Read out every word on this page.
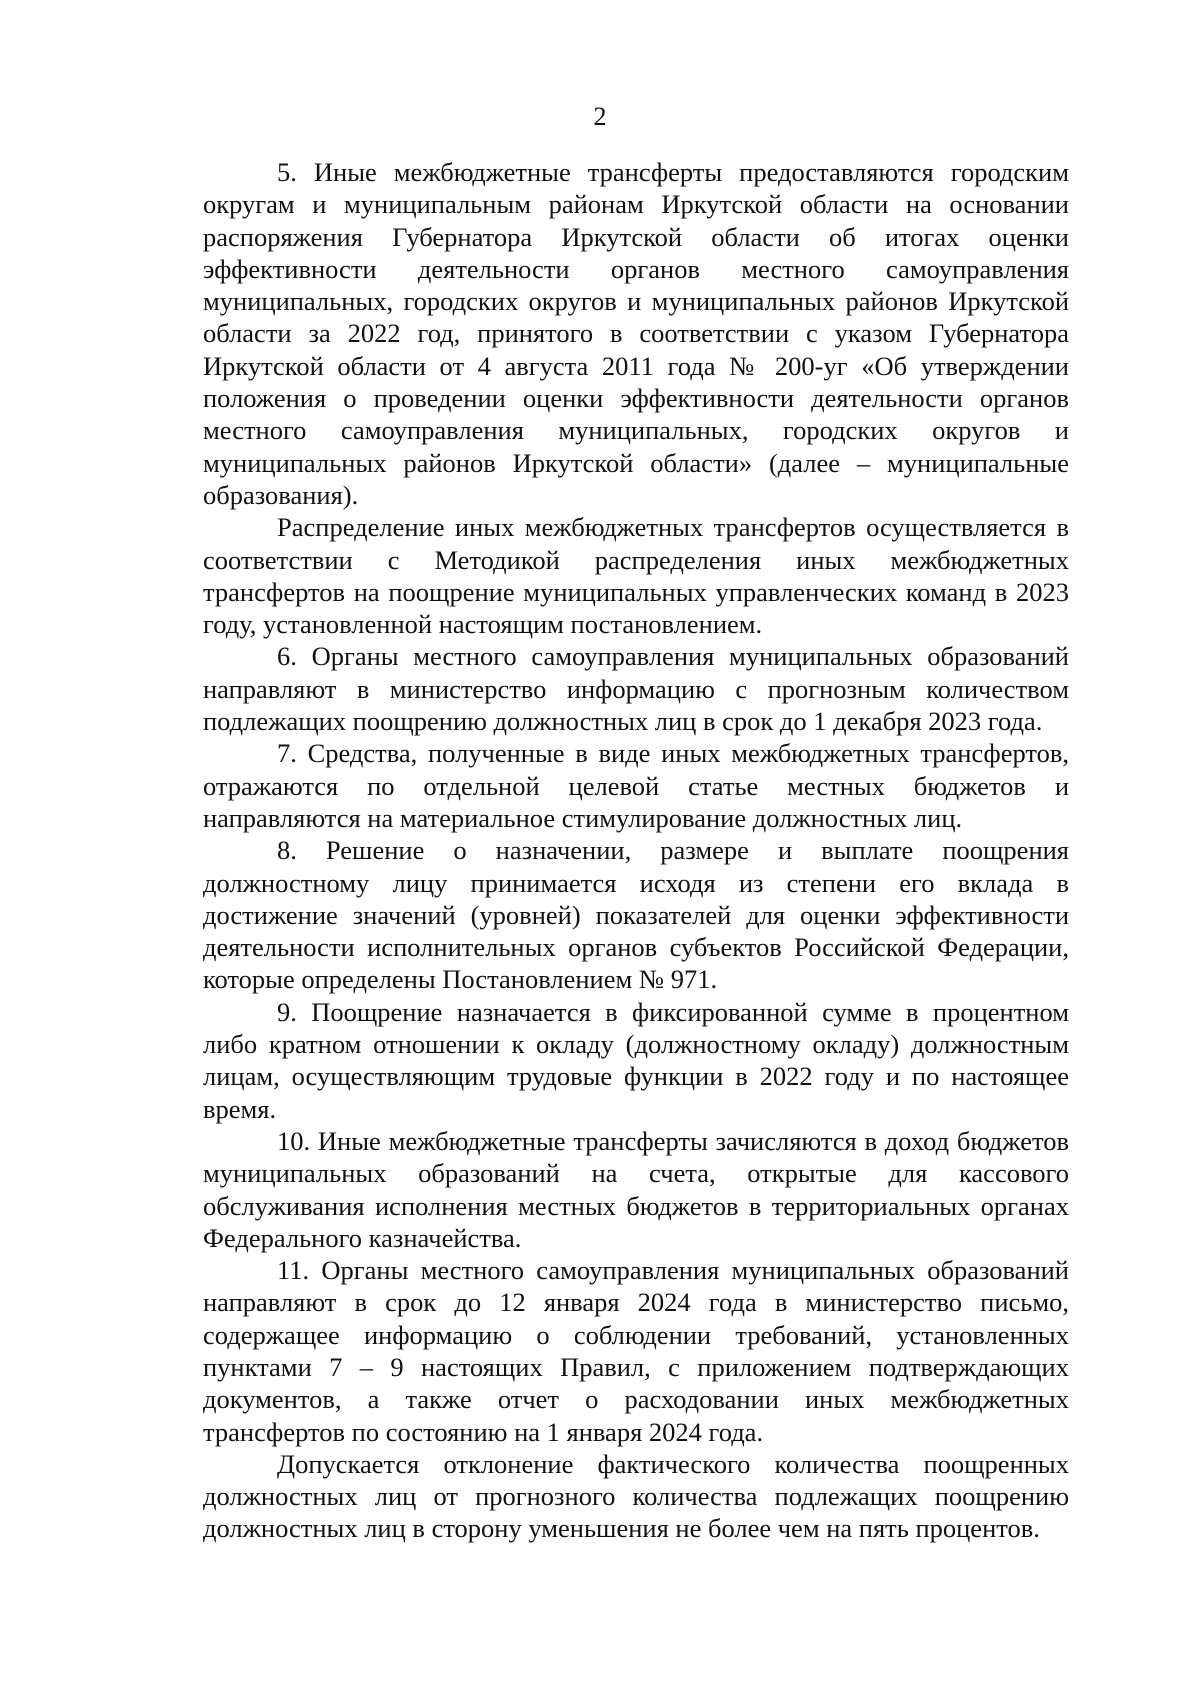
2

5. Иные межбюджетные трансферты предоставляются городским округам и муниципальным районам Иркутской области на основании распоряжения Губернатора Иркутской области об итогах оценки эффективности деятельности органов местного самоуправления муниципальных, городских округов и муниципальных районов Иркутской области за 2022 год, принятого в соответствии с указом Губернатора Иркутской области от 4 августа 2011 года № 200-уг «Об утверждении положения о проведении оценки эффективности деятельности органов местного самоуправления муниципальных, городских округов и муниципальных районов Иркутской области» (далее – муниципальные образования).

Распределение иных межбюджетных трансфертов осуществляется в соответствии с Методикой распределения иных межбюджетных трансфертов на поощрение муниципальных управленческих команд в 2023 году, установленной настоящим постановлением.

6. Органы местного самоуправления муниципальных образований направляют в министерство информацию с прогнозным количеством подлежащих поощрению должностных лиц в срок до 1 декабря 2023 года.

7. Средства, полученные в виде иных межбюджетных трансфертов, отражаются по отдельной целевой статье местных бюджетов и направляются на материальное стимулирование должностных лиц.

8. Решение о назначении, размере и выплате поощрения должностному лицу принимается исходя из степени его вклада в достижение значений (уровней) показателей для оценки эффективности деятельности исполнительных органов субъектов Российской Федерации, которые определены Постановлением № 971.

9. Поощрение назначается в фиксированной сумме в процентном либо кратном отношении к окладу (должностному окладу) должностным лицам, осуществляющим трудовые функции в 2022 году и по настоящее время.

10. Иные межбюджетные трансферты зачисляются в доход бюджетов муниципальных образований на счета, открытые для кассового обслуживания исполнения местных бюджетов в территориальных органах Федерального казначейства.

11. Органы местного самоуправления муниципальных образований направляют в срок до 12 января 2024 года в министерство письмо, содержащее информацию о соблюдении требований, установленных пунктами 7 – 9 настоящих Правил, с приложением подтверждающих документов, а также отчет о расходовании иных межбюджетных трансфертов по состоянию на 1 января 2024 года.

Допускается отклонение фактического количества поощренных должностных лиц от прогнозного количества подлежащих поощрению должностных лиц в сторону уменьшения не более чем на пять процентов.
